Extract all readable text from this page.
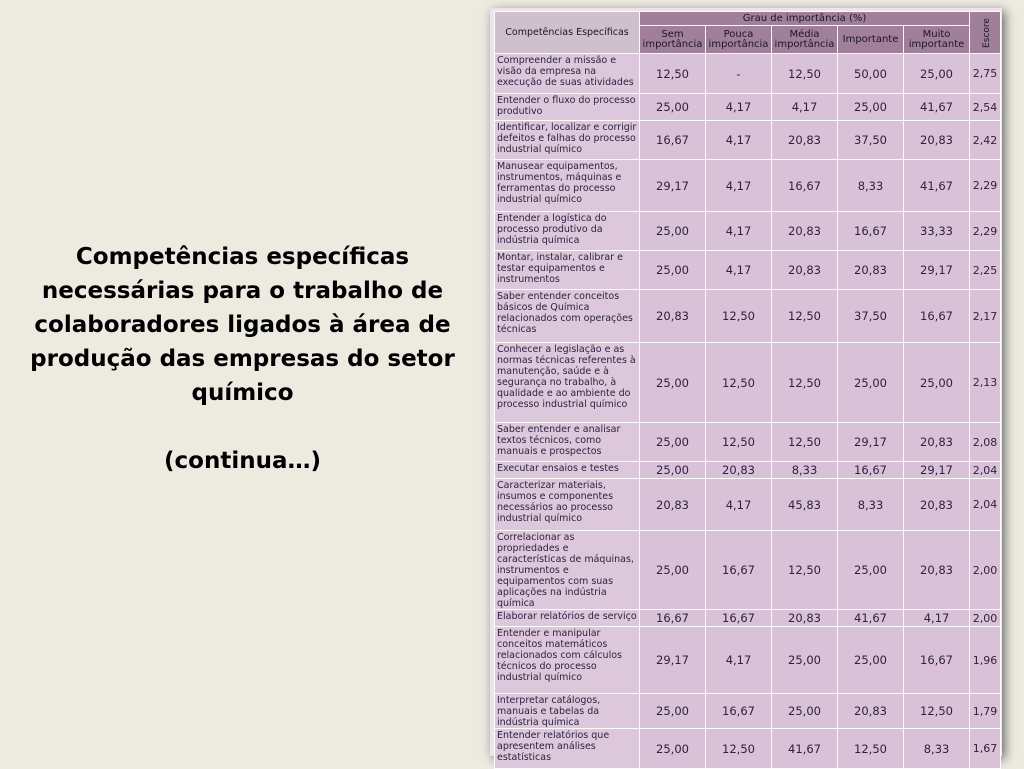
Competências específicas necessárias para o trabalho de colaboradores ligados à área de produção das empresas do setor químico

(continua…)
Competências Específicas	Grau de importância (%)					Escore
	Sem importância	Pouca importância	Média importância	Importante	Muito importante	
Compreender a missão e visão da empresa na execução de suas atividades	12,50	-	12,50	50,00	25,00	2,75
Entender o fluxo do processo produtivo	25,00	4,17	4,17	25,00	41,67	2,54
Identificar, localizar e corrigir defeitos e falhas do processo industrial químico	16,67	4,17	20,83	37,50	20,83	2,42
Manusear equipamentos, instrumentos, máquinas e ferramentas do processo industrial químico	29,17	4,17	16,67	8,33	41,67	2,29
Entender a logística do processo produtivo da indústria química	25,00	4,17	20,83	16,67	33,33	2,29
Montar, instalar, calibrar e testar equipamentos e instrumentos	25,00	4,17	20,83	20,83	29,17	2,25
Saber entender conceitos básicos de Química relacionados com operações técnicas	20,83	12,50	12,50	37,50	16,67	2,17
Conhecer a legislação e as normas técnicas referentes à manutenção, saúde e à segurança no trabalho, à qualidade e ao ambiente do processo industrial químico	25,00	12,50	12,50	25,00	25,00	2,13
Saber entender e analisar textos técnicos, como manuais e prospectos	25,00	12,50	12,50	29,17	20,83	2,08
Executar ensaios e testes	25,00	20,83	8,33	16,67	29,17	2,04
Caracterizar materiais, insumos e componentes necessários ao processo industrial químico	20,83	4,17	45,83	8,33	20,83	2,04
Correlacionar as propriedades e características de máquinas, instrumentos e equipamentos com suas aplicações na indústria química	25,00	16,67	12,50	25,00	20,83	2,00
Elaborar relatórios de serviço	16,67	16,67	20,83	41,67	4,17	2,00
Entender e manipular conceitos matemáticos relacionados com cálculos técnicos do processo industrial químico	29,17	4,17	25,00	25,00	16,67	1,96
Interpretar catálogos, manuais e tabelas da indústria química	25,00	16,67	25,00	20,83	12,50	1,79
Entender relatórios que apresentem análises estatísticas	25,00	12,50	41,67	12,50	8,33	1,67
